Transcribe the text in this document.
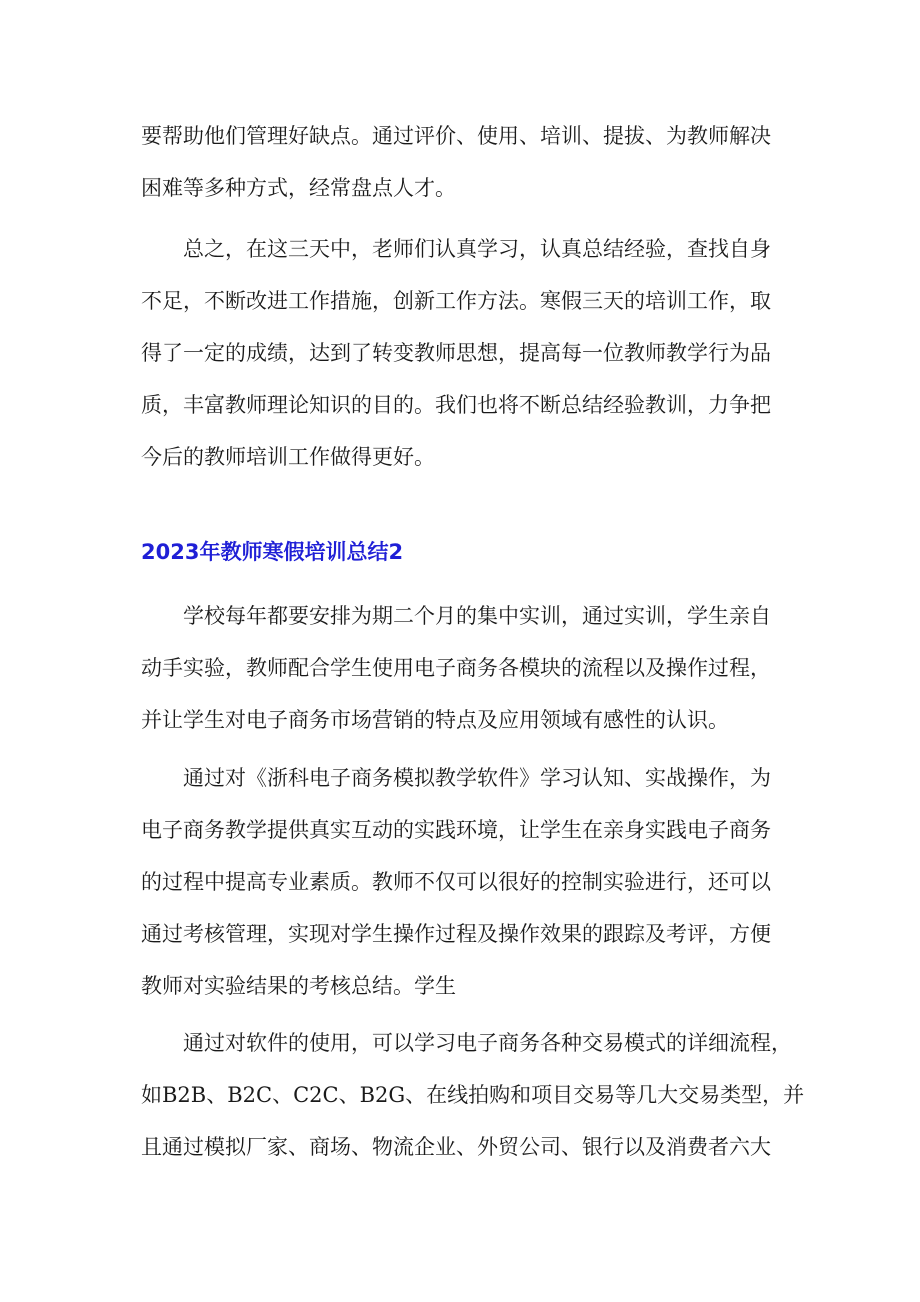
要帮助他们管理好缺点。通过评价、使用、培训、提拔、为教师解决
困难等多种方式，经常盘点人才。
总之，在这三天中，老师们认真学习，认真总结经验，查找自身
不足，不断改进工作措施，创新工作方法。寒假三天的培训工作，取
得了一定的成绩，达到了转变教师思想，提高每一位教师教学行为品
质，丰富教师理论知识的目的。我们也将不断总结经验教训，力争把
今后的教师培训工作做得更好。
2023年教师寒假培训总结2
学校每年都要安排为期二个月的集中实训，通过实训，学生亲自
动手实验，教师配合学生使用电子商务各模块的流程以及操作过程，
并让学生对电子商务市场营销的特点及应用领域有感性的认识。
通过对《浙科电子商务模拟教学软件》学习认知、实战操作，为
电子商务教学提供真实互动的实践环境，让学生在亲身实践电子商务
的过程中提高专业素质。教师不仅可以很好的控制实验进行，还可以
通过考核管理，实现对学生操作过程及操作效果的跟踪及考评，方便
教师对实验结果的考核总结。学生
通过对软件的使用，可以学习电子商务各种交易模式的详细流程，
如B2B、B2C、C2C、B2G、在线拍购和项目交易等几大交易类型，并
且通过模拟厂家、商场、物流企业、外贸公司、银行以及消费者六大
